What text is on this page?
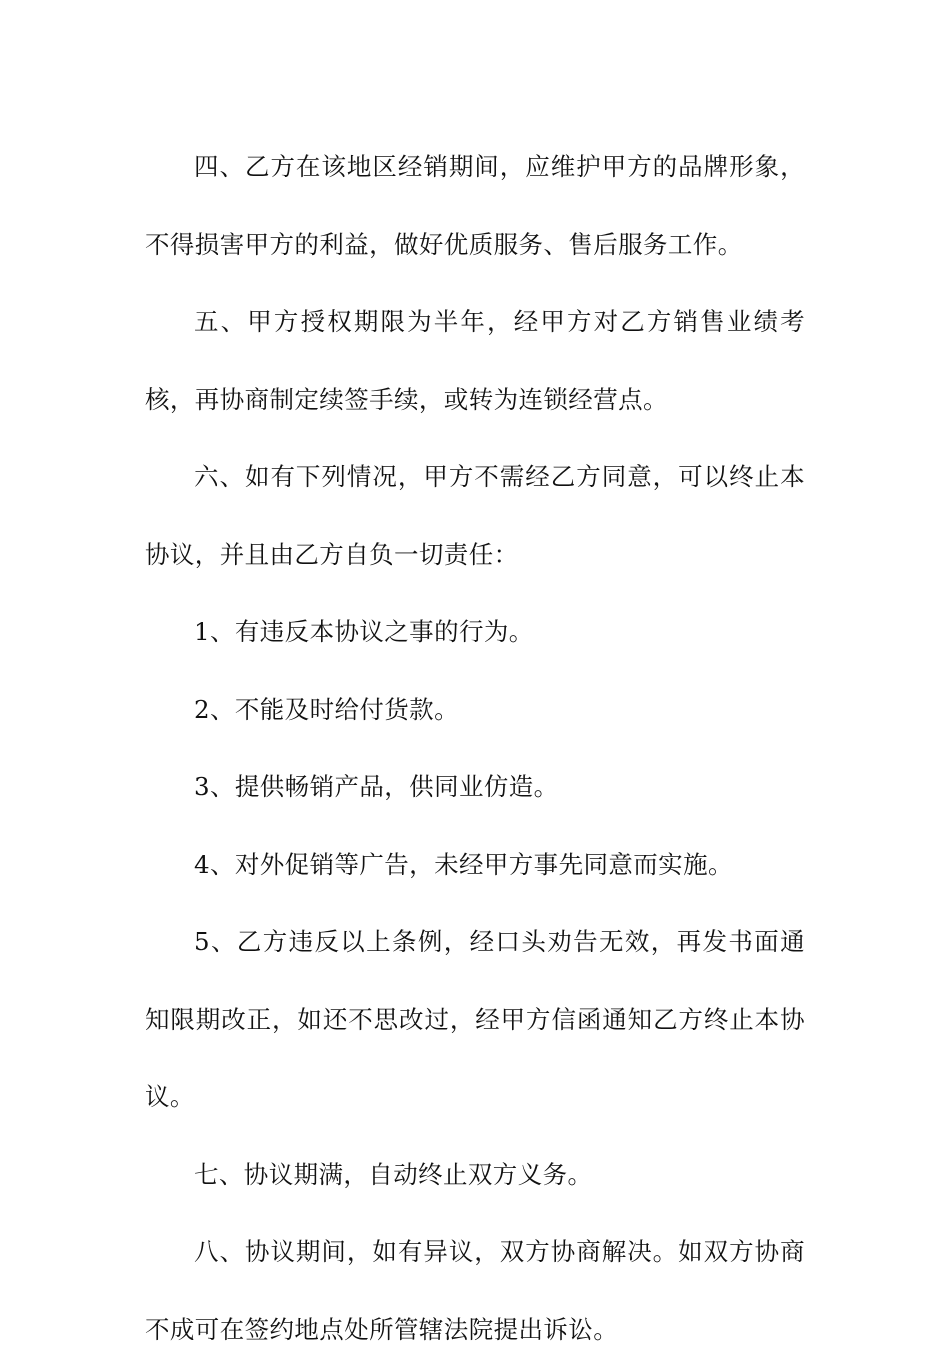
四、乙方在该地区经销期间，应维护甲方的品牌形象，不得损害甲方的利益，做好优质服务、售后服务工作。

五、甲方授权期限为半年，经甲方对乙方销售业绩考核，再协商制定续签手续，或转为连锁经营点。

六、如有下列情况，甲方不需经乙方同意，可以终止本协议，并且由乙方自负一切责任：

1、有违反本协议之事的行为。

2、不能及时给付货款。

3、提供畅销产品，供同业仿造。

4、对外促销等广告，未经甲方事先同意而实施。

5、乙方违反以上条例，经口头劝告无效，再发书面通知限期改正，如还不思改过，经甲方信函通知乙方终止本协议。

七、协议期满，自动终止双方义务。

八、协议期间，如有异议，双方协商解决。如双方协商不成可在签约地点处所管辖法院提出诉讼。
